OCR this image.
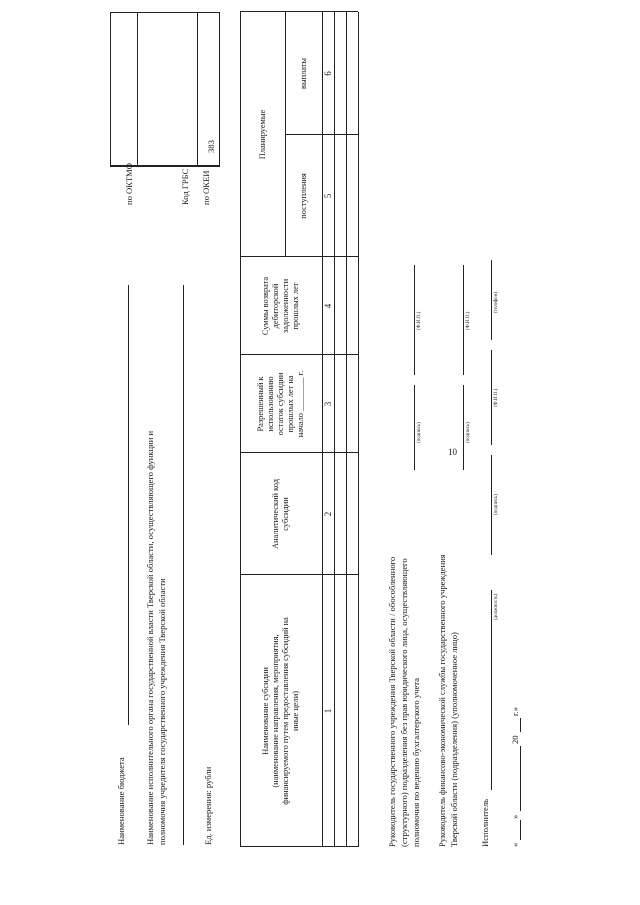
10
Наименование бюджета Наименование исполнительного органа государственной власти Тверской области, осуществляющего функции и полномочия учредителя государственного учреждения Тверской области	Ед. измерения: рубли
по ОКТМО	Код ГРБС по ОКЕИ
383
Наименование субсидии
(наименование направления, мероприятия,
финансируемого путем предоставления субсидий на
иные цели)
Аналитический код
субсидии
Разрешенный к
использованию
остаток субсидии
прошлых лет на
начало ________ г.
Суммы возврата
дебиторской
задолженности
прошлых лет
Планируемые
поступления
выплаты
1
2
3
4
5
6
Руководитель государственного учреждения Тверской области / обособленного (структурного) подразделения без прав юридического лица, осуществляющего полномочия по ведению бухгалтерского учета
(подпись)
(Ф.И.О.)
Руководитель финансово-экономической службы государственного учреждения Тверской области (подразделения) (уполномоченное лицо)
(подпись)
(Ф.И.О.)
Исполнитель
(должность)
(подпись)
(Ф.И.О.)
(телефон)
«
»
20
г.»
